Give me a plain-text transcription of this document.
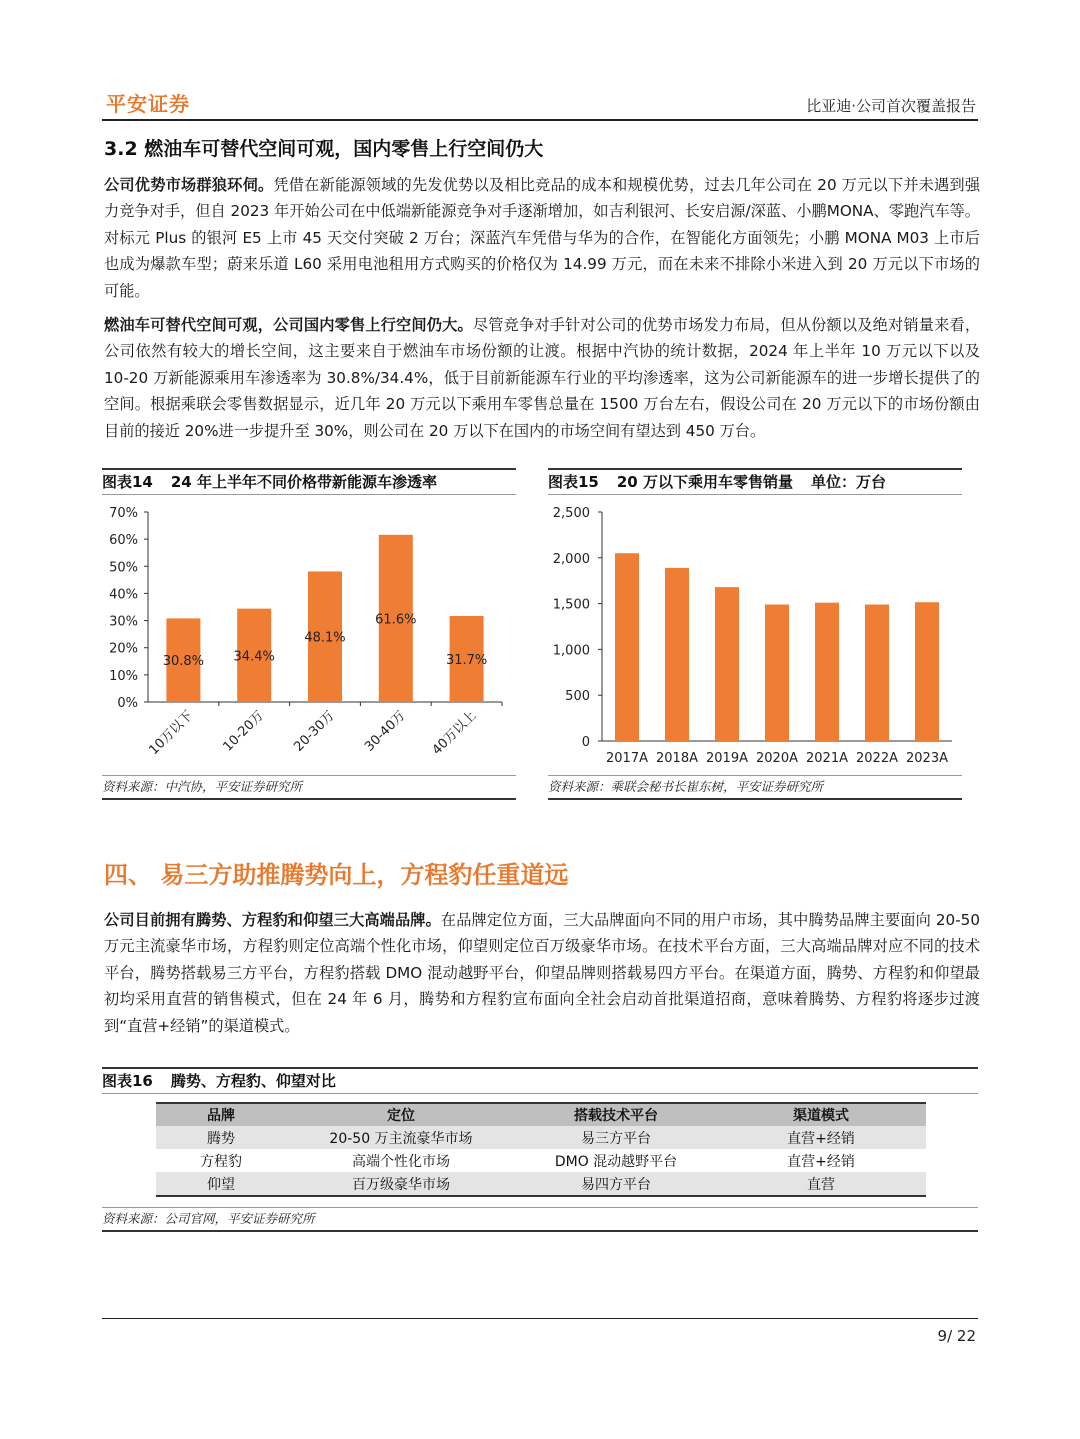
平安证券	比亚迪·公司首次覆盖报告
3.2 燃油车可替代空间可观，国内零售上行空间仍大
公司优势市场群狼环伺。凭借在新能源领域的先发优势以及相比竞品的成本和规模优势，过去几年公司在 20 万元以下并未遇到强力竞争对手，但自 2023 年开始公司在中低端新能源竞争对手逐渐增加，如吉利银河、长安启源/深蓝、小鹏MONA、零跑汽车等。对标元 Plus 的银河 E5 上市 45 天交付突破 2 万台；深蓝汽车凭借与华为的合作，在智能化方面领先；小鹏 MONA M03 上市后也成为爆款车型；蔚来乐道 L60 采用电池租用方式购买的价格仅为 14.99 万元，而在未来不排除小米进入到 20 万元以下市场的可能。
燃油车可替代空间可观，公司国内零售上行空间仍大。尽管竞争对手针对公司的优势市场发力布局，但从份额以及绝对销量来看，公司依然有较大的增长空间，这主要来自于燃油车市场份额的让渡。根据中汽协的统计数据，2024 年上半年 10 万元以下以及 10-20 万新能源乘用车渗透率为 30.8%/34.4%，低于目前新能源车行业的平均渗透率，这为公司新能源车的进一步增长提供了的空间。根据乘联会零售数据显示，近几年 20 万元以下乘用车零售总量在 1500 万台左右，假设公司在 20 万元以下的市场份额由目前的接近 20%进一步提升至 30%，则公司在 20 万以下在国内的市场空间有望达到 450 万台。
图表14 24 年上半年不同价格带新能源车渗透率
0%
10%
20%
30%
40%
50%
60%
70%
30.8%
10万以下
34.4%
10-20万
48.1%
20-30万
61.6%
30-40万
31.7%
40万以上
资料来源：中汽协，平安证券研究所
图表15 20 万以下乘用车零售销量 单位：万台
0
500
1,000
1,500
2,000
2,500
2017A 2018A 2019A 2020A 2021A 2022A 2023A
资料来源：乘联会秘书长崔东树，平安证券研究所
四、 易三方助推腾势向上，方程豹任重道远
公司目前拥有腾势、方程豹和仰望三大高端品牌。在品牌定位方面，三大品牌面向不同的用户市场，其中腾势品牌主要面向 20-50 万元主流豪华市场，方程豹则定位高端个性化市场，仰望则定位百万级豪华市场。在技术平台方面，三大高端品牌对应不同的技术平台，腾势搭载易三方平台，方程豹搭载 DMO 混动越野平台，仰望品牌则搭载易四方平台。在渠道方面，腾势、方程豹和仰望最初均采用直营的销售模式，但在 24 年 6 月，腾势和方程豹宣布面向全社会启动首批渠道招商，意味着腾势、方程豹将逐步过渡到“直营+经销”的渠道模式。
图表16 腾势、方程豹、仰望对比
品牌	定位	搭载技术平台	渠道模式
腾势	20-50 万主流豪华市场	易三方平台	直营+经销
方程豹	高端个性化市场	DMO 混动越野平台	直营+经销
仰望	百万级豪华市场	易四方平台	直营
资料来源：公司官网，平安证券研究所
9/ 22
